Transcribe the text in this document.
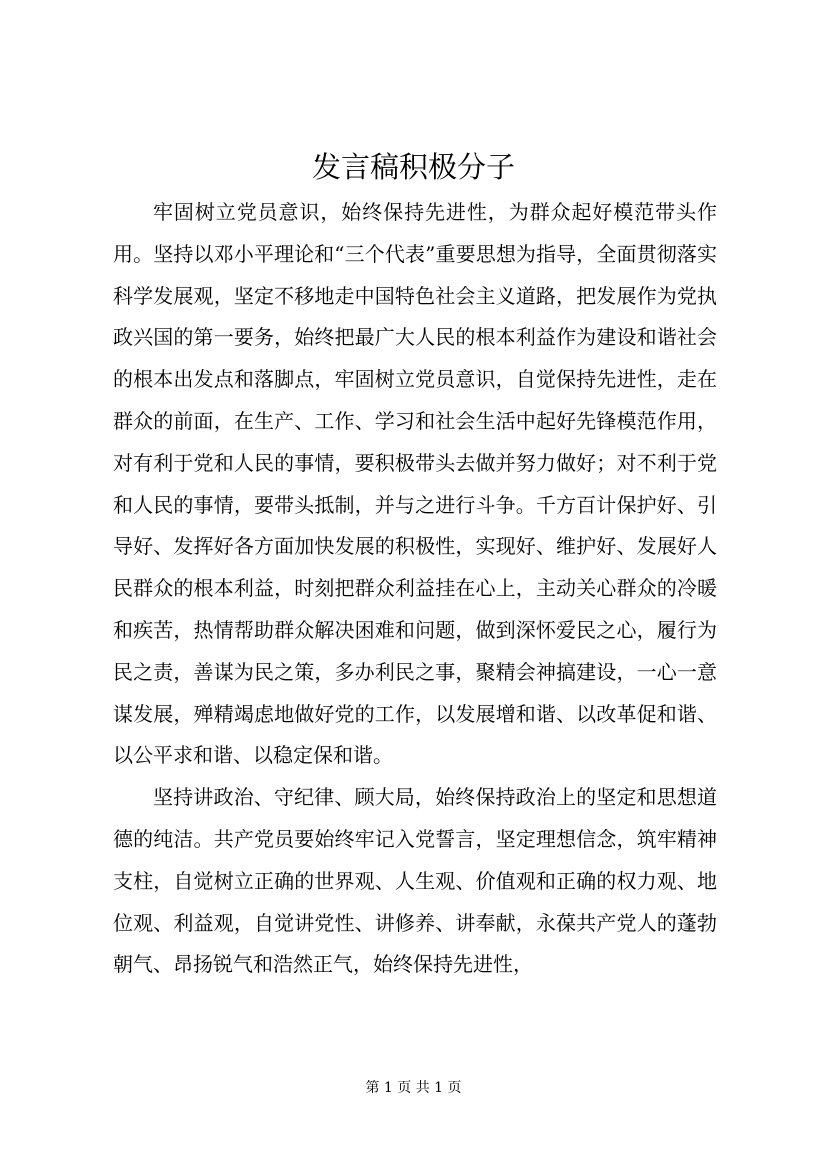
发言稿积极分子

牢固树立党员意识，始终保持先进性，为群众起好模范带头作用。坚持以邓小平理论和“三个代表”重要思想为指导，全面贯彻落实科学发展观，坚定不移地走中国特色社会主义道路，把发展作为党执政兴国的第一要务，始终把最广大人民的根本利益作为建设和谐社会的根本出发点和落脚点，牢固树立党员意识，自觉保持先进性，走在群众的前面，在生产、工作、学习和社会生活中起好先锋模范作用，对有利于党和人民的事情，要积极带头去做并努力做好；对不利于党和人民的事情，要带头抵制，并与之进行斗争。千方百计保护好、引导好、发挥好各方面加快发展的积极性，实现好、维护好、发展好人民群众的根本利益，时刻把群众利益挂在心上，主动关心群众的冷暖和疾苦，热情帮助群众解决困难和问题，做到深怀爱民之心，履行为民之责，善谋为民之策，多办利民之事，聚精会神搞建设，一心一意谋发展，殚精竭虑地做好党的工作，以发展增和谐、以改革促和谐、以公平求和谐、以稳定保和谐。

坚持讲政治、守纪律、顾大局，始终保持政治上的坚定和思想道德的纯洁。共产党员要始终牢记入党誓言，坚定理想信念，筑牢精神支柱，自觉树立正确的世界观、人生观、价值观和正确的权力观、地位观、利益观，自觉讲党性、讲修养、讲奉献，永葆共产党人的蓬勃朝气、昂扬锐气和浩然正气，始终保持先进性，

第 1 页 共 1 页
